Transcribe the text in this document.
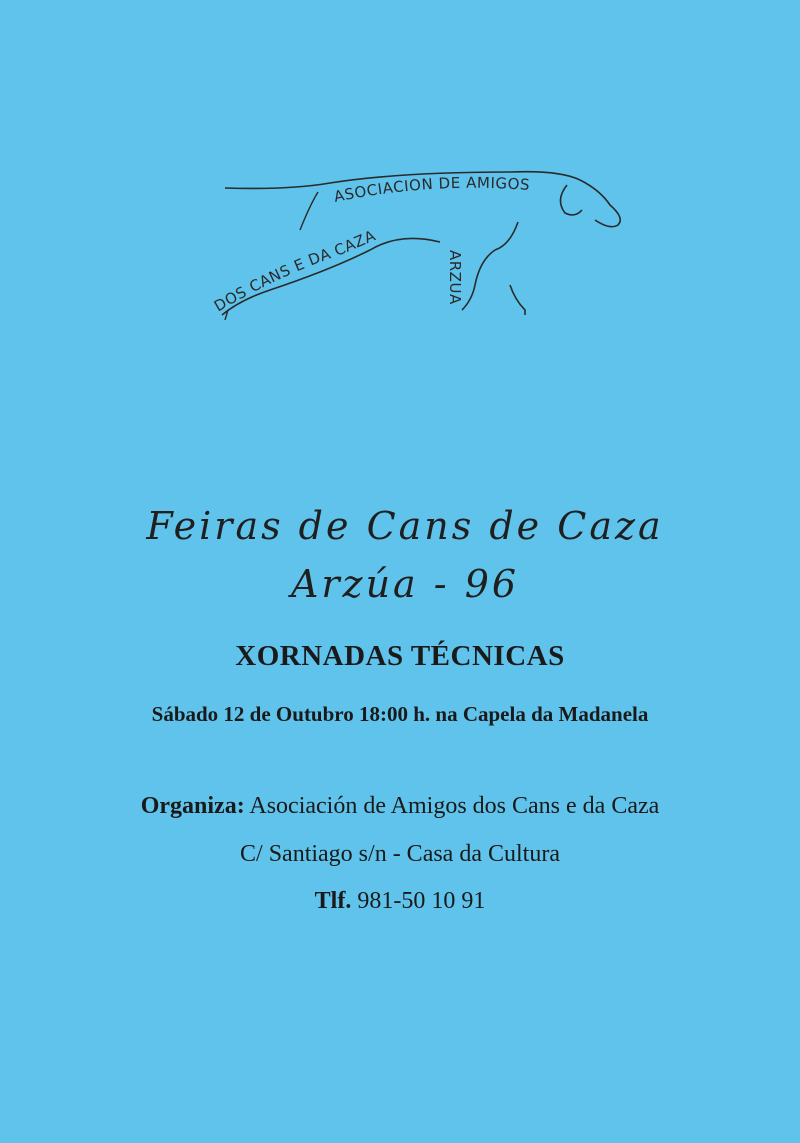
ASOCIACION DE AMIGOS
DOS CANS E DA CAZA
ARZUA
Feiras de Cans de Caza
Arzúa - 96
XORNADAS TÉCNICAS
Sábado 12 de Outubro 18:00 h. na Capela da Madanela
Organiza: Asociación de Amigos dos Cans e da Caza
C/ Santiago s/n - Casa da Cultura
Tlf. 981-50 10 91
